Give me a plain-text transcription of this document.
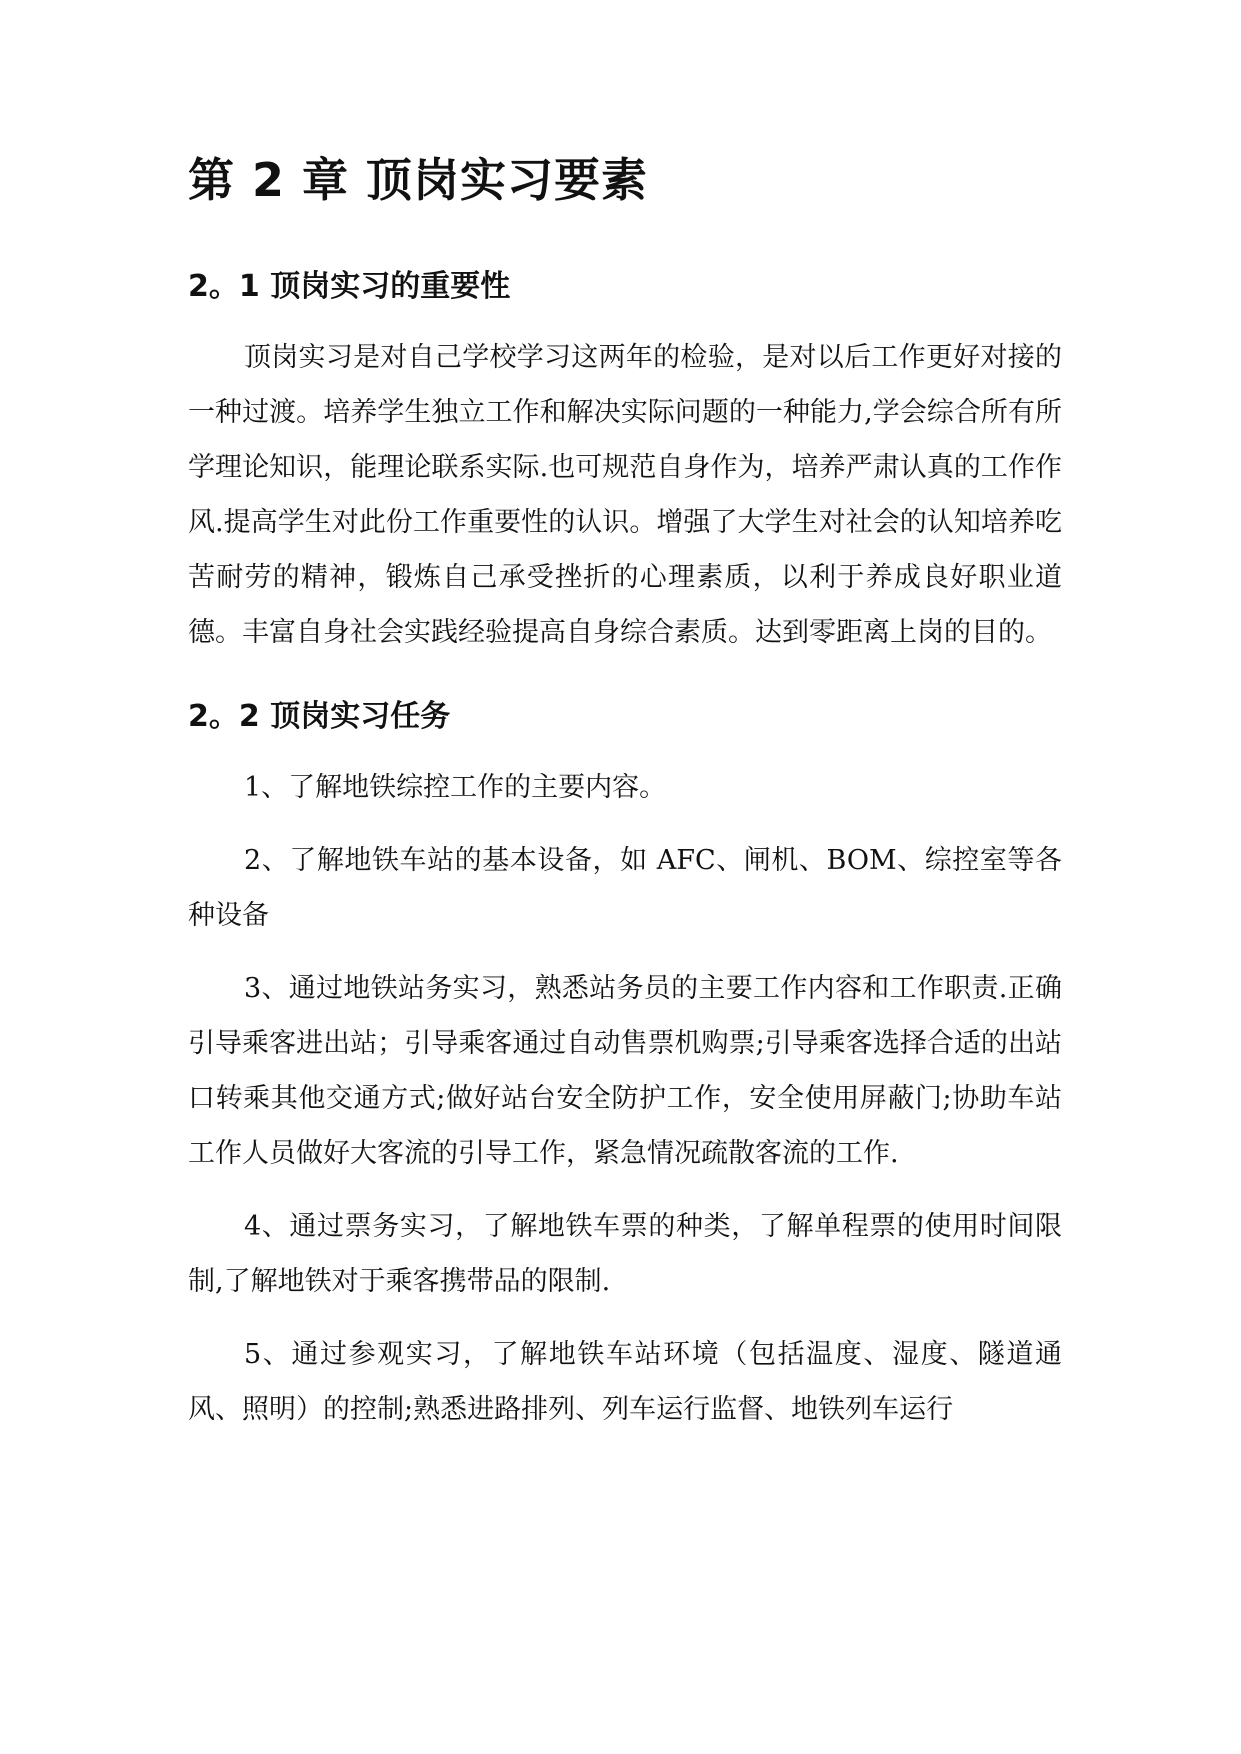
第 2 章 顶岗实习要素
2。1 顶岗实习的重要性

顶岗实习是对自己学校学习这两年的检验，是对以后工作更好对接的一种过渡。培养学生独立工作和解决实际问题的一种能力,学会综合所有所学理论知识，能理论联系实际.也可规范自身作为，培养严肃认真的工作作风.提高学生对此份工作重要性的认识。增强了大学生对社会的认知培养吃苦耐劳的精神，锻炼自己承受挫折的心理素质，以利于养成良好职业道德。丰富自身社会实践经验提高自身综合素质。达到零距离上岗的目的。

2。2 顶岗实习任务

1、了解地铁综控工作的主要内容。

2、了解地铁车站的基本设备，如 AFC、闸机、BOM、综控室等各种设备

3、通过地铁站务实习，熟悉站务员的主要工作内容和工作职责.正确引导乘客进出站；引导乘客通过自动售票机购票;引导乘客选择合适的出站口转乘其他交通方式;做好站台安全防护工作，安全使用屏蔽门;协助车站工作人员做好大客流的引导工作，紧急情况疏散客流的工作.

4、通过票务实习，了解地铁车票的种类，了解单程票的使用时间限制,了解地铁对于乘客携带品的限制.

5、通过参观实习，了解地铁车站环境（包括温度、湿度、隧道通风、照明）的控制;熟悉进路排列、列车运行监督、地铁列车运行
